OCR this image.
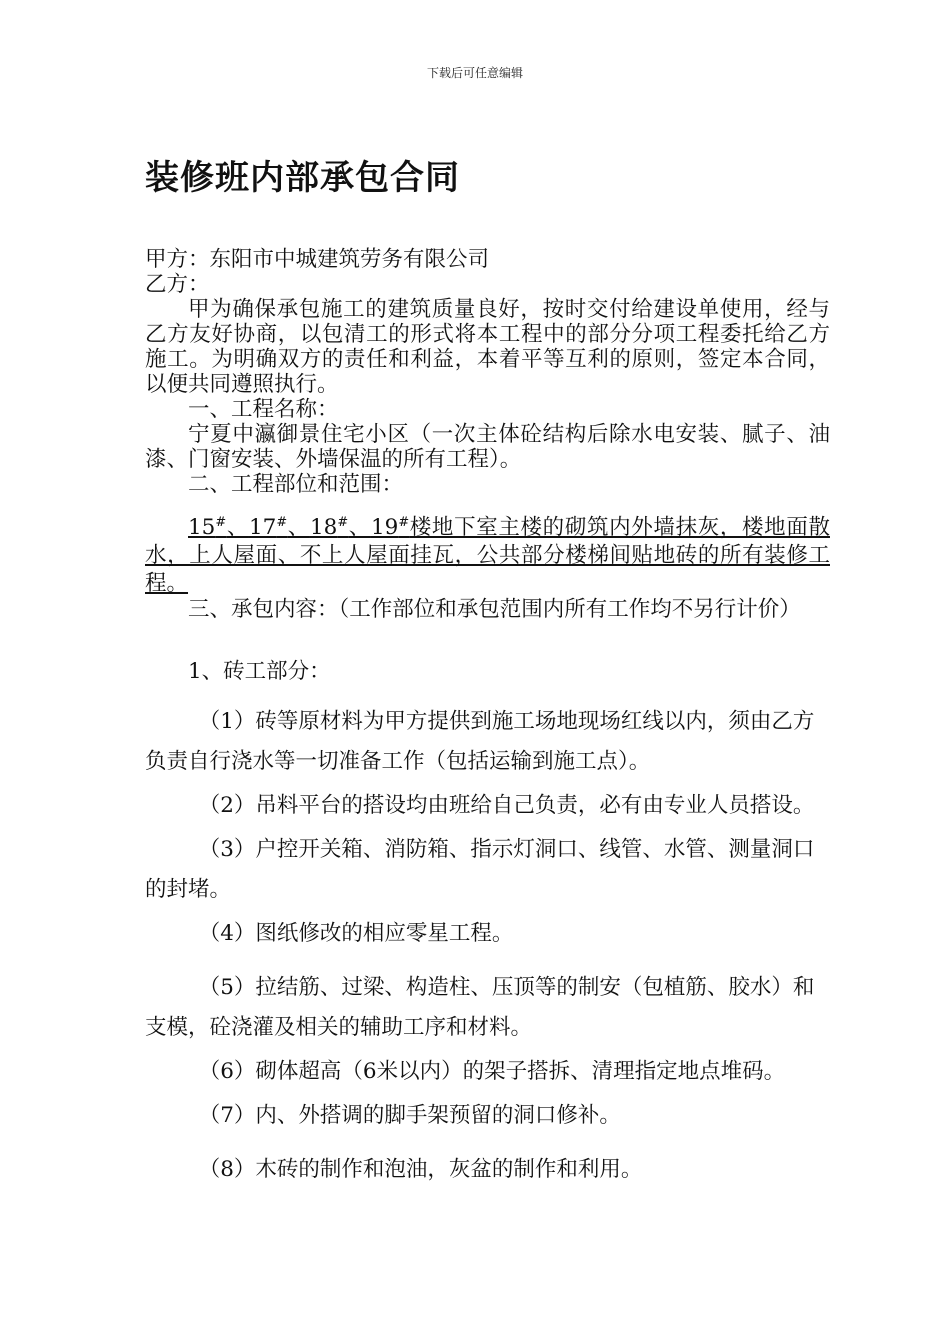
下载后可任意编辑
装修班内部承包合同

甲方：东阳市中城建筑劳务有限公司

乙方：

甲为确保承包施工的建筑质量良好，按时交付给建设单使用，经与乙方友好协商，以包清工的形式将本工程中的部分分项工程委托给乙方施工。为明确双方的责任和利益，本着平等互利的原则，签定本合同，以便共同遵照执行。

一、工程名称：

宁夏中瀛御景住宅小区（一次主体砼结构后除水电安装、腻子、油漆、门窗安装、外墙保温的所有工程）。

二、工程部位和范围：

15#、17#、18#、19#楼地下室主楼的砌筑内外墙抹灰，楼地面散水，上人屋面、不上人屋面挂瓦，公共部分楼梯间贴地砖的所有装修工程。

三、承包内容：（工作部位和承包范围内所有工作均不另行计价）

1、砖工部分：

（1）砖等原材料为甲方提供到施工场地现场红线以内，须由乙方负责自行浇水等一切准备工作（包括运输到施工点）。

（2）吊料平台的搭设均由班给自己负责，必有由专业人员搭设。

（3）户控开关箱、消防箱、指示灯洞口、线管、水管、测量洞口的封堵。

（4）图纸修改的相应零星工程。

（5）拉结筋、过梁、构造柱、压顶等的制安（包植筋、胶水）和支模，砼浇灌及相关的辅助工序和材料。

（6）砌体超高（6米以内）的架子搭拆、清理指定地点堆码。

（7）内、外搭调的脚手架预留的洞口修补。

（8）木砖的制作和泡油，灰盆的制作和利用。
